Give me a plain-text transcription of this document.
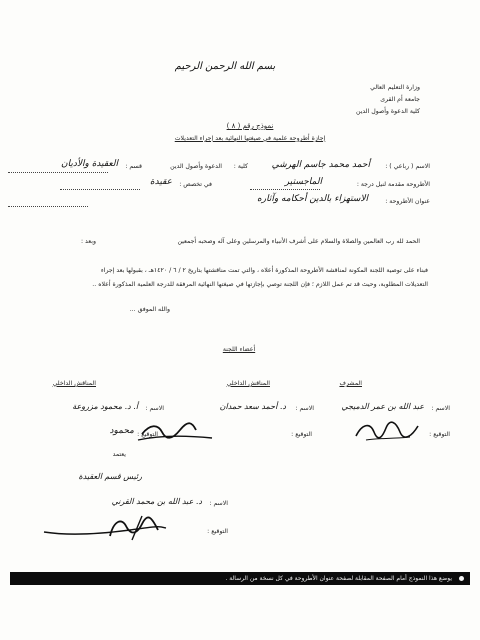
بسم الله الرحمن الرحيم
وزارة التعليم العالي
جامعة أم القرى
كلية الدعوة وأصول الدين
نموذج رقم ( ٨ )
إجازة أطروحة علمية في صيغتها النهائية بعد إجراء التعديلات
الاسم ( رباعي ) :
أحمد محمد جاسم الهرشي
كلية :
الدعوة وأصول الدين
قسم :
العقيدة والأديان
الأطروحة مقدمة لنيل درجة :
الماجستير
في تخصص :
عقيدة
عنوان الأطروحة :
الاستهزاء بالدين أحكامه وآثاره
الحمد لله رب العالمين والصلاة والسلام على أشرف الأنبياء والمرسلين وعلى آله وصحبه أجمعين
وبعد :
فبناء على توصية اللجنة المكونة لمناقشة الأطروحة المذكورة أعلاه ، والتي تمت مناقشتها بتاريخ ٢ / ٦ / ١٤٢٠هـ ، بقبولها بعد إجراء
التعديلات المطلوبة، وحيث قد تم عمل اللازم ؛ فإن اللجنة توصي بإجازتها في صيغتها النهائية المرفقة للدرجة العلمية المذكورة أعلاه ..
والله الموفق ...
أعضاء اللجنة
المشرف
الاسم :
عبد الله بن عمر الدميجي
التوقيع :
المناقش الداخلي
الاسم :
د. أحمد سعد حمدان
التوقيع :
المناقش الداخلي
الاسم :
أ. د. محمود مزروعة
التوقيع :
محمود
يعتمد
رئيس قسم العقيدة
الاسم :
د. عبد الله بن محمد القرني
التوقيع :
يوضع هذا النموذج أمام الصفحة المقابلة لصفحة عنوان الأطروحة في كل نسخة من الرسالة .
